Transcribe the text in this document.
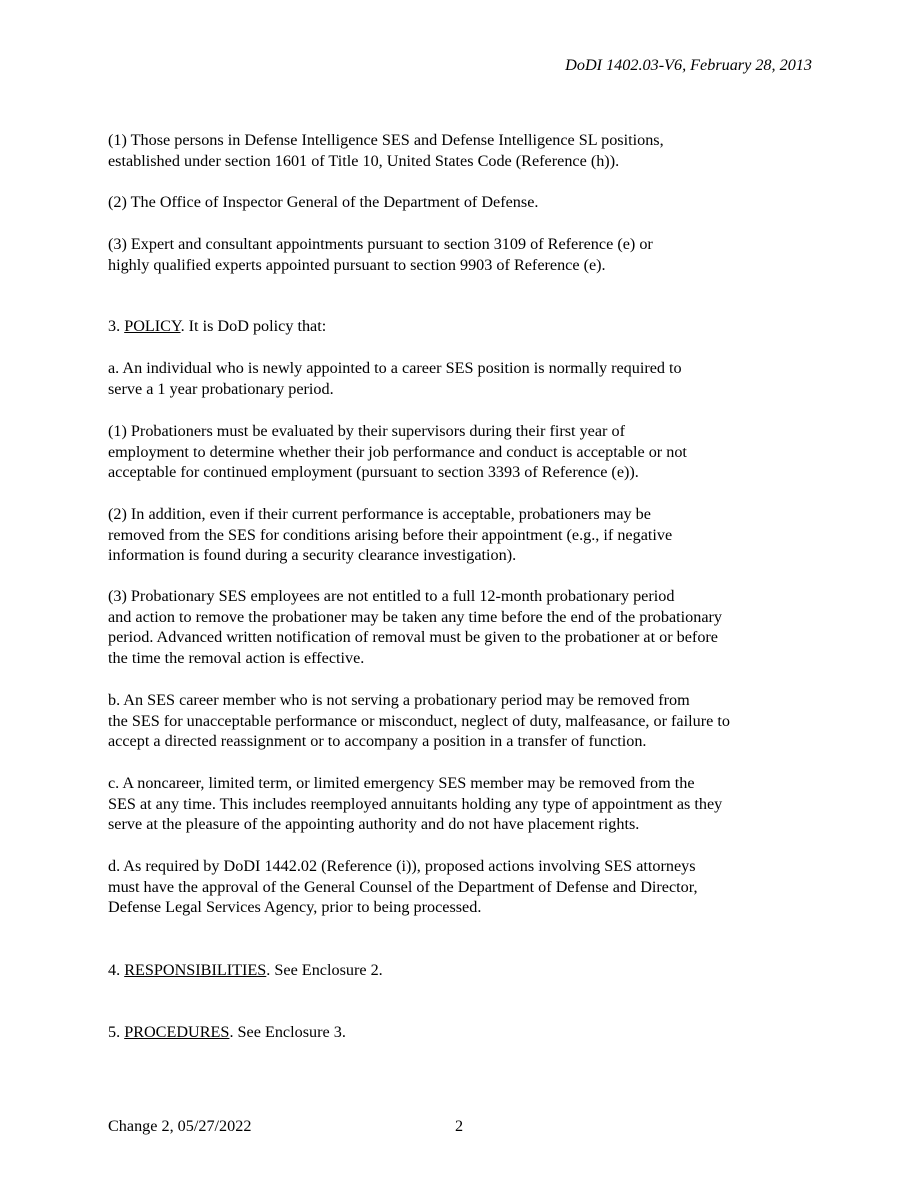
DoDI 1402.03-V6, February 28, 2013

(1) Those persons in Defense Intelligence SES and Defense Intelligence SL positions,
established under section 1601 of Title 10, United States Code (Reference (h)).

(2) The Office of Inspector General of the Department of Defense.

(3) Expert and consultant appointments pursuant to section 3109 of Reference (e) or
highly qualified experts appointed pursuant to section 9903 of Reference (e).

3. POLICY. It is DoD policy that:

a. An individual who is newly appointed to a career SES position is normally required to
serve a 1 year probationary period.

(1) Probationers must be evaluated by their supervisors during their first year of
employment to determine whether their job performance and conduct is acceptable or not
acceptable for continued employment (pursuant to section 3393 of Reference (e)).

(2) In addition, even if their current performance is acceptable, probationers may be
removed from the SES for conditions arising before their appointment (e.g., if negative
information is found during a security clearance investigation).

(3) Probationary SES employees are not entitled to a full 12-month probationary period
and action to remove the probationer may be taken any time before the end of the probationary
period. Advanced written notification of removal must be given to the probationer at or before
the time the removal action is effective.

b. An SES career member who is not serving a probationary period may be removed from
the SES for unacceptable performance or misconduct, neglect of duty, malfeasance, or failure to
accept a directed reassignment or to accompany a position in a transfer of function.

c. A noncareer, limited term, or limited emergency SES member may be removed from the
SES at any time. This includes reemployed annuitants holding any type of appointment as they
serve at the pleasure of the appointing authority and do not have placement rights.

d. As required by DoDI 1442.02 (Reference (i)), proposed actions involving SES attorneys
must have the approval of the General Counsel of the Department of Defense and Director,
Defense Legal Services Agency, prior to being processed.

4. RESPONSIBILITIES. See Enclosure 2.

5. PROCEDURES. See Enclosure 3.

Change 2, 05/27/2022	2
